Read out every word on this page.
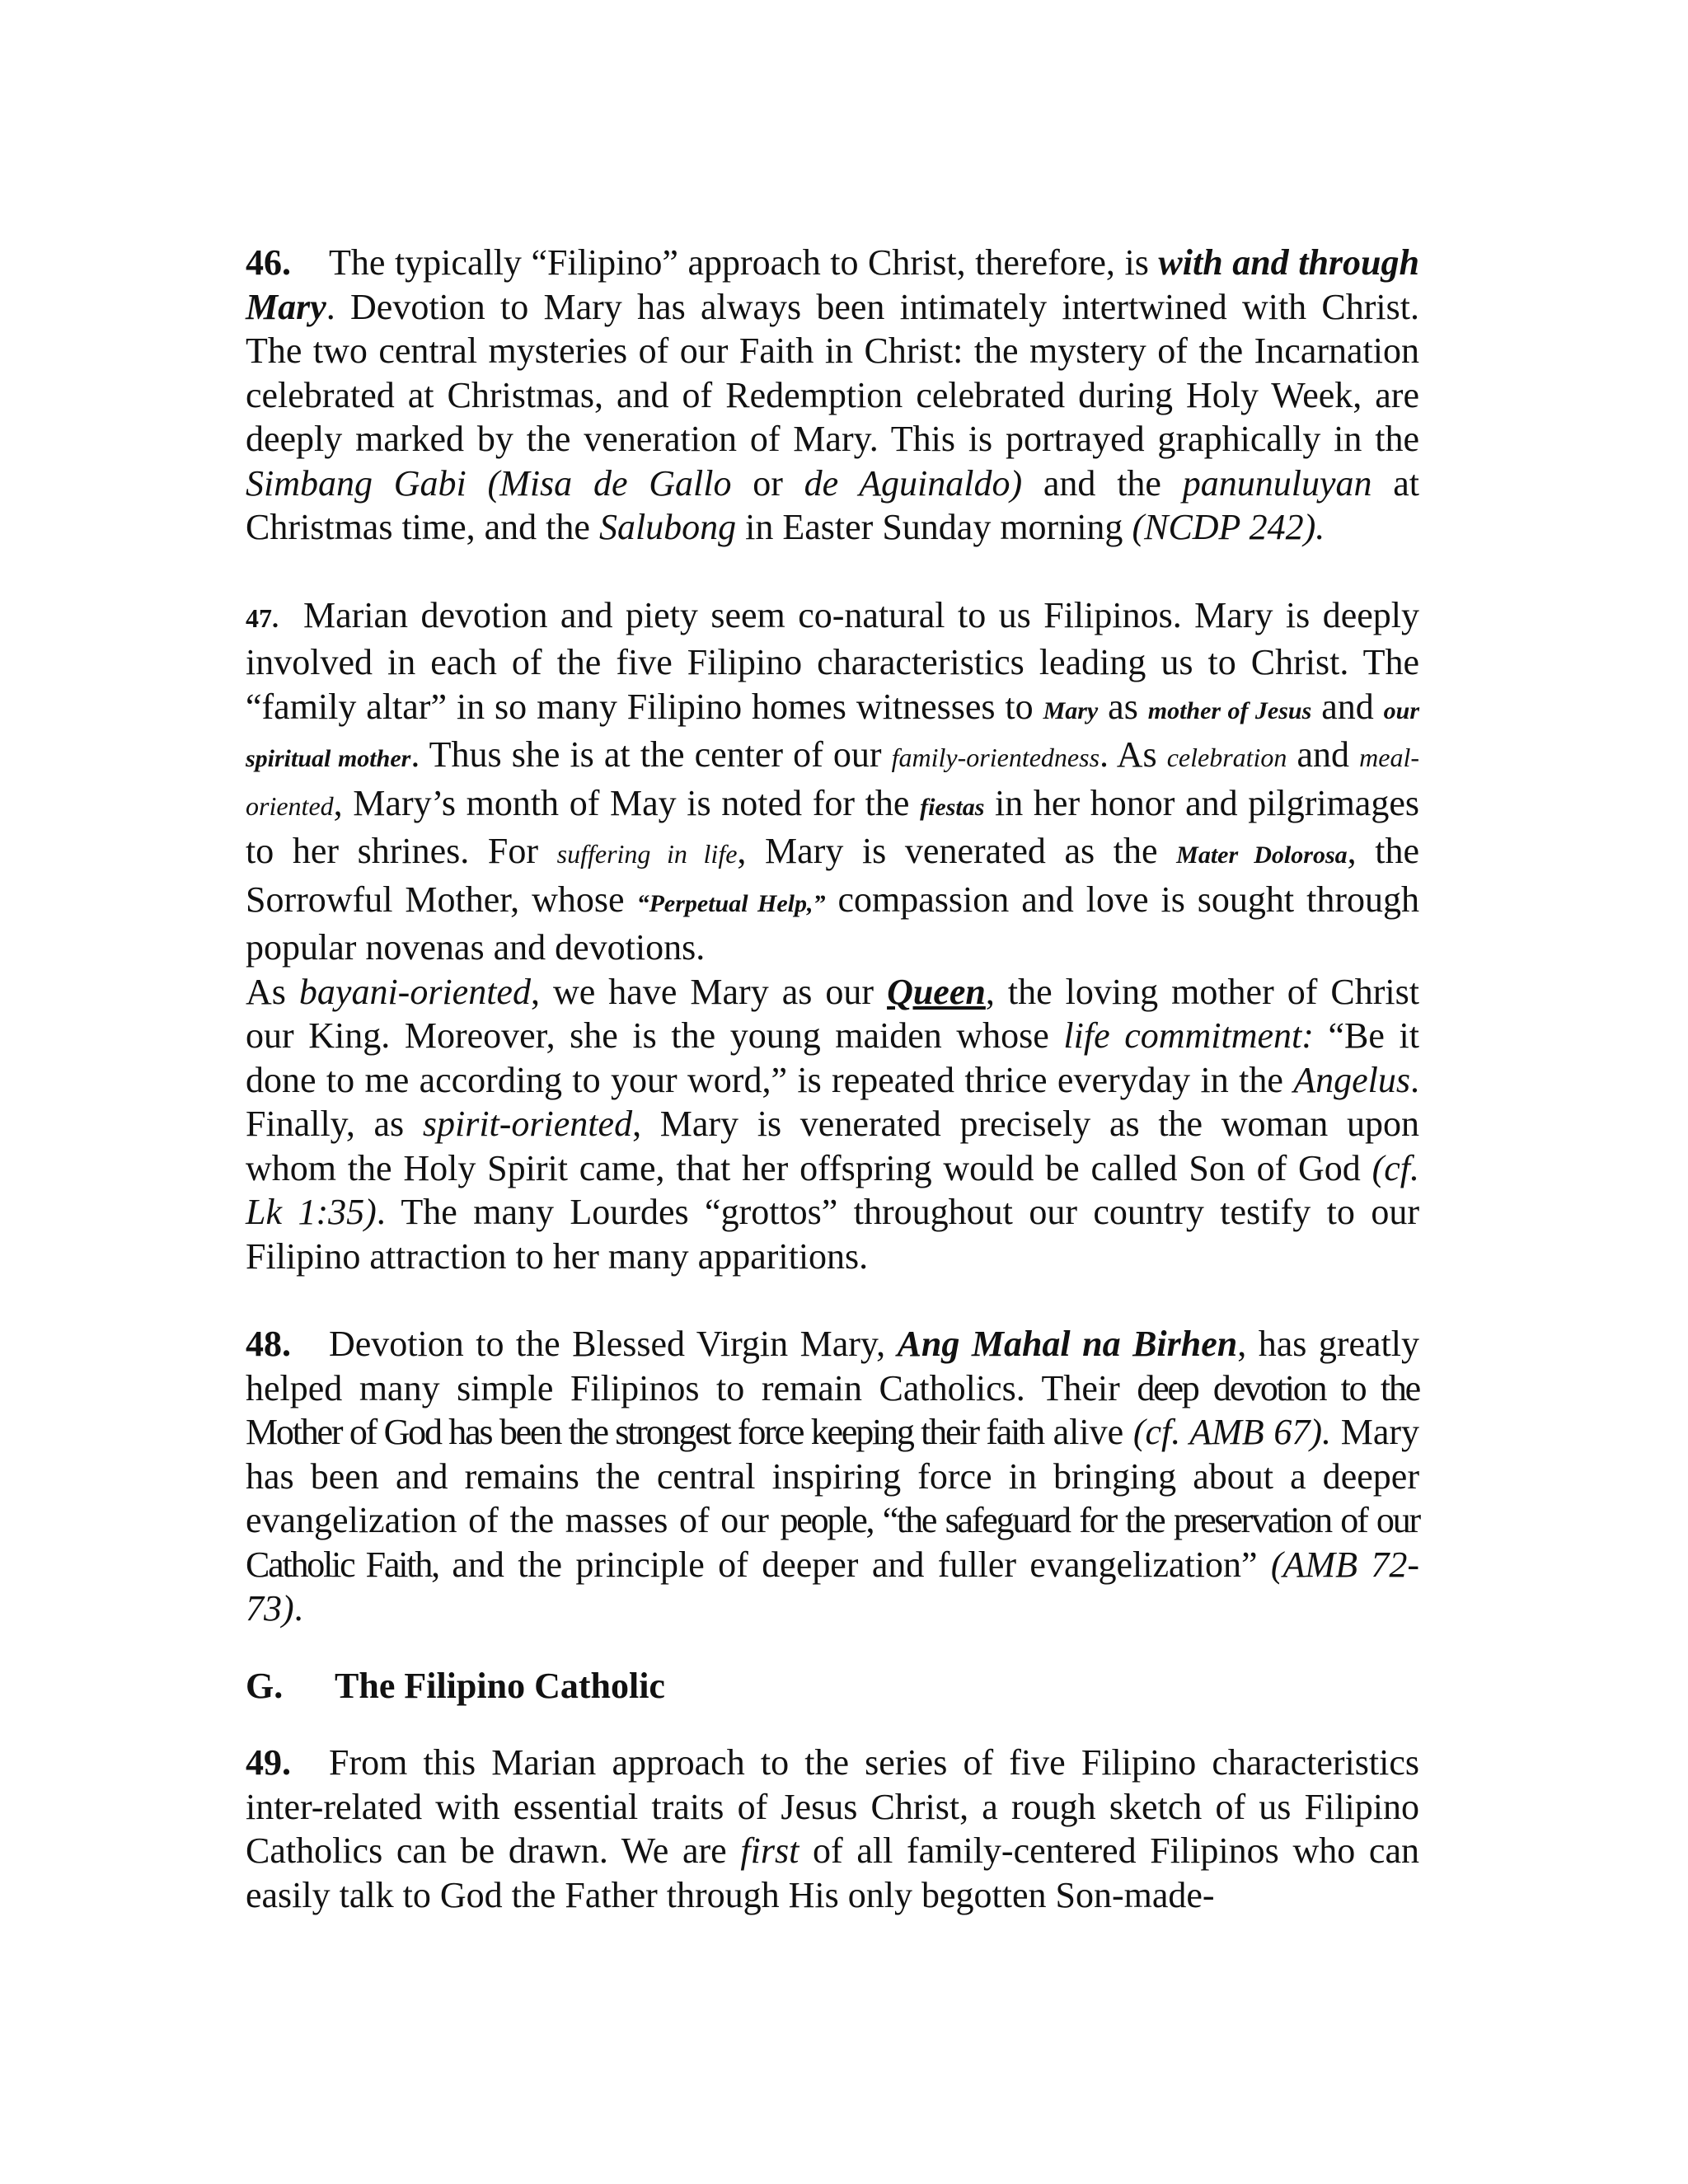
46. The typically “Filipino” approach to Christ, therefore, is with and through Mary. Devotion to Mary has always been intimately intertwined with Christ. The two central mysteries of our Faith in Christ: the mystery of the Incarnation celebrated at Christmas, and of Redemption celebrated during Holy Week, are deeply marked by the veneration of Mary. This is portrayed graphically in the Simbang Gabi (Misa de Gallo or de Aguinaldo) and the panunuluyan at Christmas time, and the Salubong in Easter Sunday morning (NCDP 242).

47. Marian devotion and piety seem co-natural to us Filipinos. Mary is deeply involved in each of the five Filipino characteristics leading us to Christ. The “family altar” in so many Filipino homes witnesses to Mary as mother of Jesus and our spiritual mother. Thus she is at the center of our family-orientedness. As celebration and meal-oriented, Mary’s month of May is noted for the fiestas in her honor and pilgrimages to her shrines. For suffering in life, Mary is venerated as the Mater Dolorosa, the Sorrowful Mother, whose “Perpetual Help,” compassion and love is sought through popular novenas and devotions.

As bayani-oriented, we have Mary as our Queen, the loving mother of Christ our King. Moreover, she is the young maiden whose life commitment: “Be it done to me according to your word,” is repeated thrice everyday in the Angelus. Finally, as spirit-oriented, Mary is venerated precisely as the woman upon whom the Holy Spirit came, that her offspring would be called Son of God (cf. Lk 1:35). The many Lourdes “grottos” throughout our country testify to our Filipino attraction to her many apparitions.

48. Devotion to the Blessed Virgin Mary, Ang Mahal na Birhen, has greatly helped many simple Filipinos to remain Catholics. Their deep devotion to the Mother of God has been the strongest force keeping their faith alive (cf. AMB 67). Mary has been and remains the central inspiring force in bringing about a deeper evangelization of the masses of our people, “the safeguard for the preservation of our Catholic Faith, and the principle of deeper and fuller evangelization” (AMB 72-73).

G. The Filipino Catholic

49. From this Marian approach to the series of five Filipino characteristics inter-related with essential traits of Jesus Christ, a rough sketch of us Filipino Catholics can be drawn. We are first of all family-centered Filipinos who can easily talk to God the Father through His only begotten Son-made-
